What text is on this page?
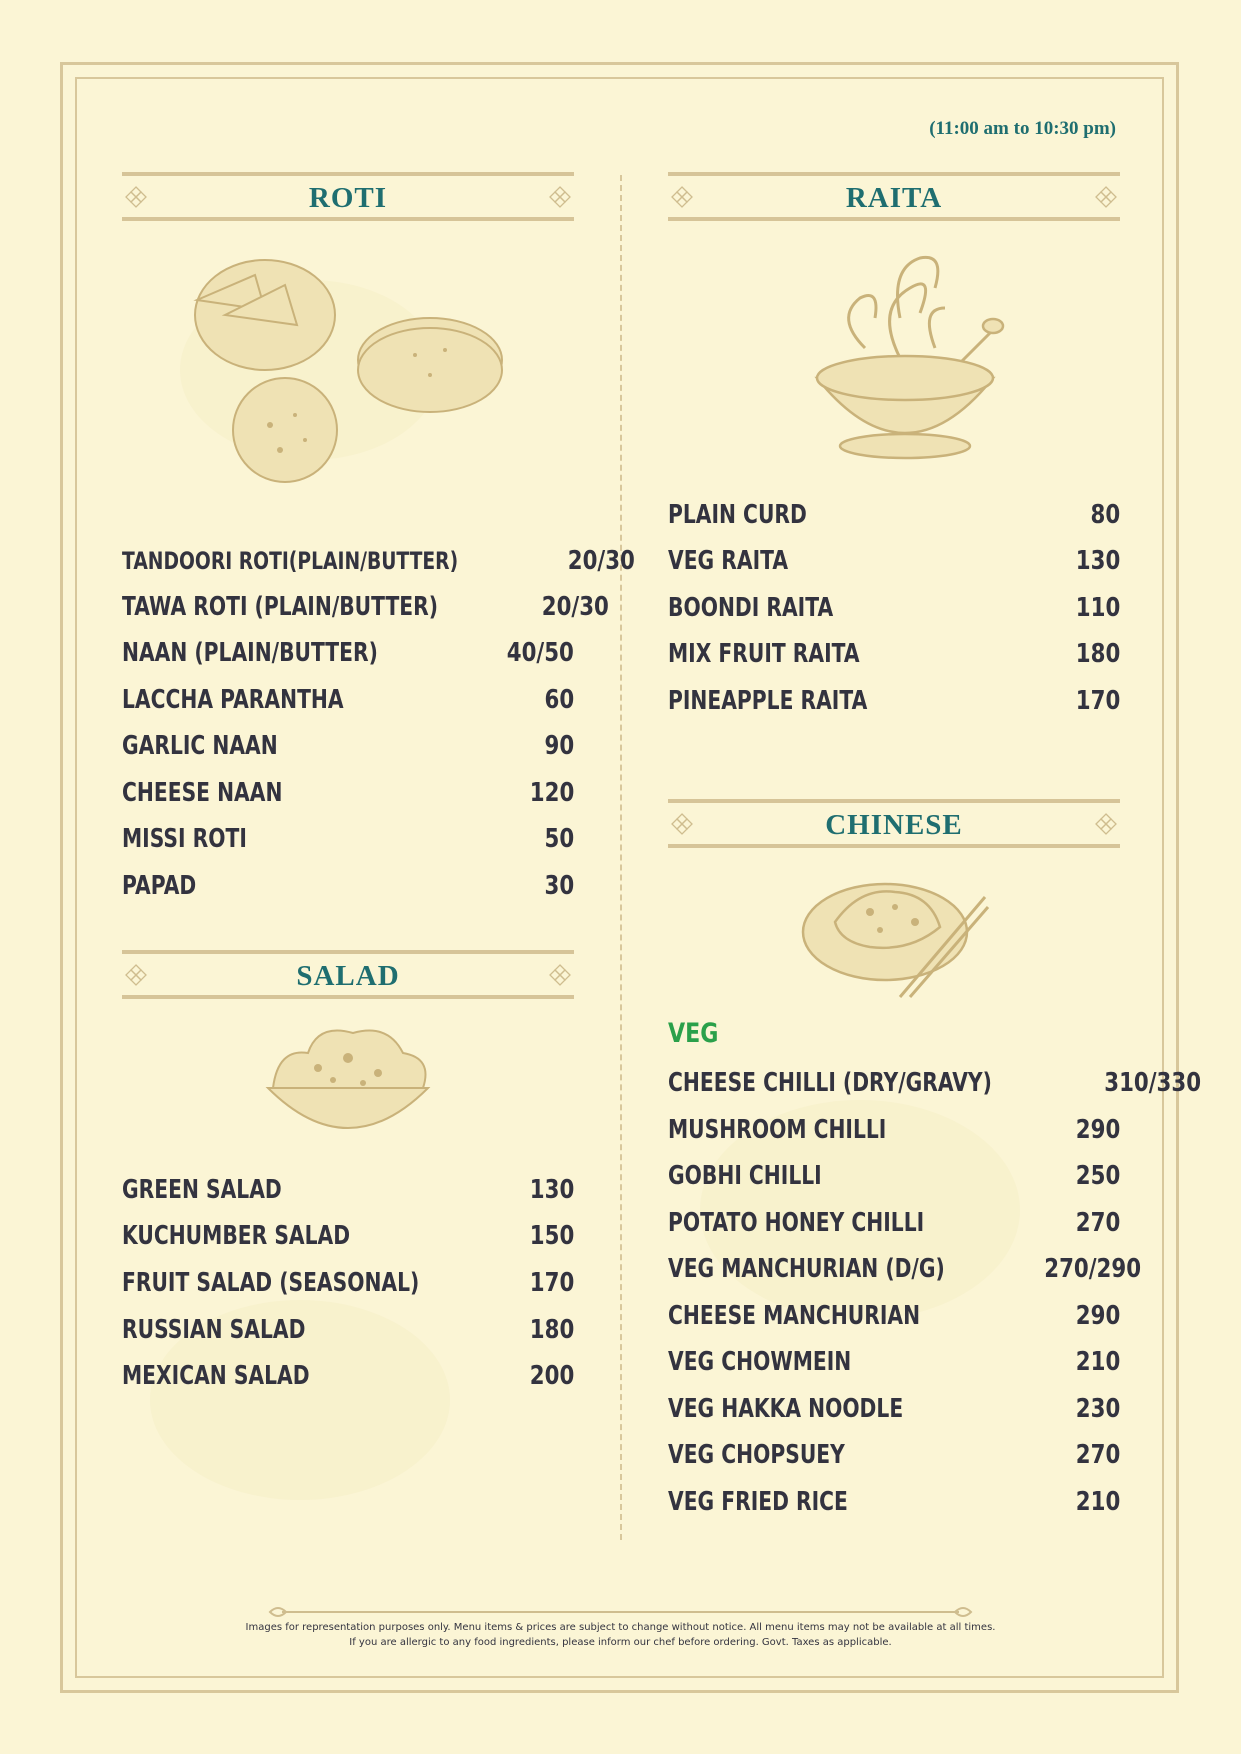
(11:00 am to 10:30 pm)
ROTI
TANDOORI ROTI(PLAIN/BUTTER)	20/30
TAWA ROTI (PLAIN/BUTTER)	20/30
NAAN (PLAIN/BUTTER)	40/50
LACCHA PARANTHA	60
GARLIC NAAN	90
CHEESE NAAN	120
MISSI ROTI	50
PAPAD	30
SALAD
GREEN SALAD	130
KUCHUMBER SALAD	150
FRUIT SALAD (SEASONAL)	170
RUSSIAN SALAD	180
MEXICAN SALAD	200
RAITA
PLAIN CURD	80
VEG RAITA	130
BOONDI RAITA	110
MIX FRUIT RAITA	180
PINEAPPLE RAITA	170
CHINESE
VEG
CHEESE CHILLI (DRY/GRAVY)	310/330
MUSHROOM CHILLI	290
GOBHI CHILLI	250
POTATO HONEY CHILLI	270
VEG MANCHURIAN (D/G)	270/290
CHEESE MANCHURIAN	290
VEG CHOWMEIN	210
VEG HAKKA NOODLE	230
VEG CHOPSUEY	270
VEG FRIED RICE	210
Images for representation purposes only. Menu items & prices are subject to change without notice. All menu items may not be available at all times.
If you are allergic to any food ingredients, please inform our chef before ordering. Govt. Taxes as applicable.
